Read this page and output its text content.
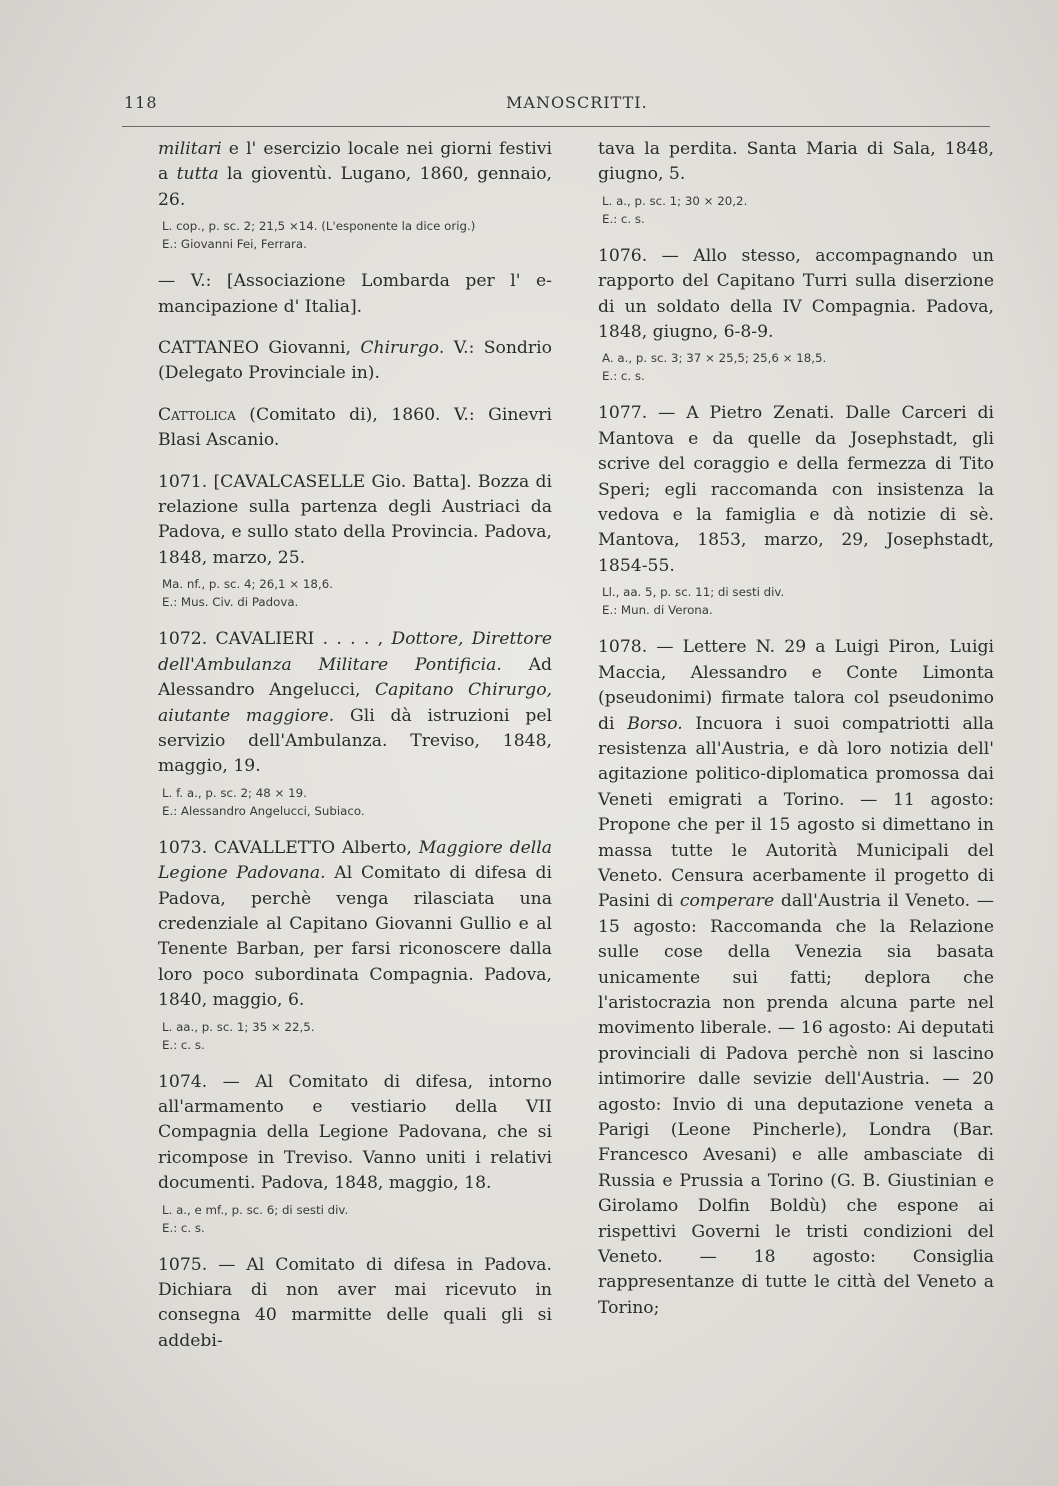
118	MANOSCRITTI.

militari e l' esercizio locale nei giorni festivi a tutta la gioventù. Lugano, 1860, gennaio, 26.

L. cop., p. sc. 2; 21,5 ×14. (L'esponente la dice orig.)
E.: Giovanni Fei, Ferrara.

— V.: [Associazione Lombarda per l' e-mancipazione d' Italia].

CATTANEO Giovanni, Chirurgo. V.: Sondrio (Delegato Provinciale in).

Cattolica (Comitato di), 1860. V.: Ginevri Blasi Ascanio.

1071. [CAVALCASELLE Gio. Batta]. Bozza di relazione sulla partenza degli Austriaci da Padova, e sullo stato della Provincia. Padova, 1848, marzo, 25.

Ma. nf., p. sc. 4; 26,1 × 18,6.
E.: Mus. Civ. di Padova.

1072. CAVALIERI . . . . , Dottore, Direttore dell'Ambulanza Militare Pontificia. Ad Alessandro Angelucci, Capitano Chirurgo, aiutante maggiore. Gli dà istruzioni pel servizio dell'Ambulanza. Treviso, 1848, maggio, 19.

L. f. a., p. sc. 2; 48 × 19.
E.: Alessandro Angelucci, Subiaco.

1073. CAVALLETTO Alberto, Maggiore della Legione Padovana. Al Comitato di difesa di Padova, perchè venga rilasciata una credenziale al Capitano Giovanni Gullio e al Tenente Barban, per farsi riconoscere dalla loro poco subordinata Compagnia. Padova, 1840, maggio, 6.

L. aa., p. sc. 1; 35 × 22,5.
E.: c. s.

1074. — Al Comitato di difesa, intorno all'armamento e vestiario della VII Compagnia della Legione Padovana, che si ricompose in Treviso. Vanno uniti i relativi documenti. Padova, 1848, maggio, 18.

L. a., e mf., p. sc. 6; di sesti div.
E.: c. s.

1075. — Al Comitato di difesa in Padova. Dichiara di non aver mai ricevuto in consegna 40 marmitte delle quali gli si addebi-

tava la perdita. Santa Maria di Sala, 1848, giugno, 5.

L. a., p. sc. 1; 30 × 20,2.
E.: c. s.

1076. — Allo stesso, accompagnando un rapporto del Capitano Turri sulla diserzione di un soldato della IV Compagnia. Padova, 1848, giugno, 6-8-9.

A. a., p. sc. 3; 37 × 25,5; 25,6 × 18,5.
E.: c. s.

1077. — A Pietro Zenati. Dalle Carceri di Mantova e da quelle da Josephstadt, gli scrive del coraggio e della fermezza di Tito Speri; egli raccomanda con insistenza la vedova e la famiglia e dà notizie di sè. Mantova, 1853, marzo, 29, Josephstadt, 1854-55.

Ll., aa. 5, p. sc. 11; di sesti div.
E.: Mun. di Verona.

1078. — Lettere N. 29 a Luigi Piron, Luigi Maccia, Alessandro e Conte Limonta (pseudonimi) firmate talora col pseudonimo di Borso. Incuora i suoi compatriotti alla resistenza all'Austria, e dà loro notizia dell' agitazione politico-diplomatica promossa dai Veneti emigrati a Torino. — 11 agosto: Propone che per il 15 agosto si dimettano in massa tutte le Autorità Municipali del Veneto. Censura acerbamente il progetto di Pasini di comperare dall'Austria il Veneto. — 15 agosto: Raccomanda che la Relazione sulle cose della Venezia sia basata unicamente sui fatti; deplora che l'aristocrazia non prenda alcuna parte nel movimento liberale. — 16 agosto: Ai deputati provinciali di Padova perchè non si lascino intimorire dalle sevizie dell'Austria. — 20 agosto: Invio di una deputazione veneta a Parigi (Leone Pincherle), Londra (Bar. Francesco Avesani) e alle ambasciate di Russia e Prussia a Torino (G. B. Giustinian e Girolamo Dolfin Boldù) che espone ai rispettivi Governi le tristi condizioni del Veneto. — 18 agosto: Consiglia rappresentanze di tutte le città del Veneto a Torino;
